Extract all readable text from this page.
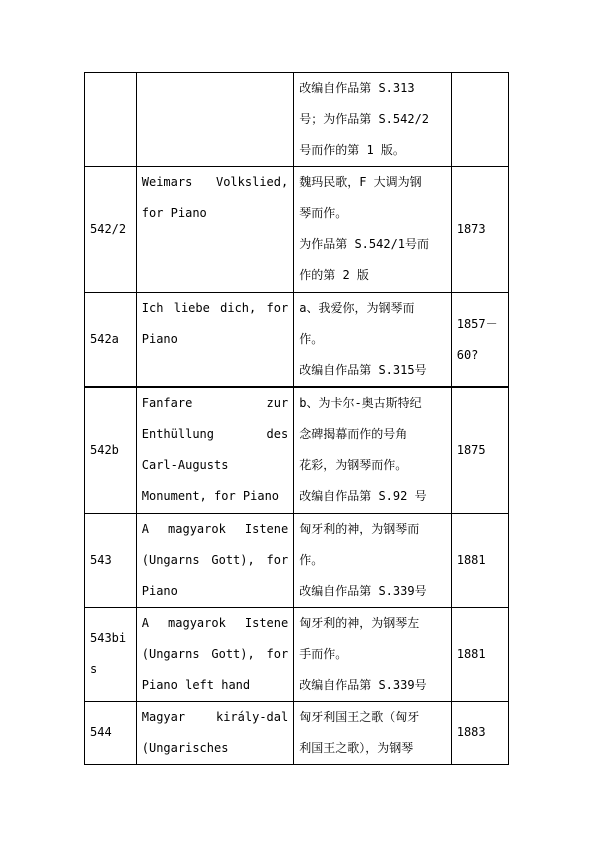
		改编自作品第 S.313
号；为作品第 S.542/2
号而作的第 1 版。	

542/2	Weimars Volkslied,
for Piano	魏玛民歌，F 大调为钢
琴而作。
为作品第 S.542/1号而
作的第 2 版	1873
542a	Ich liebe dich, for
Piano	a、我爱你，为钢琴而
作。
改编自作品第 S.315号	1857－60?
542b	Fanfare zur
Enthüllung des
Carl-Augusts
Monument, for Piano	b、为卡尔-奥古斯特纪
念碑揭幕而作的号角
花彩，为钢琴而作。
改编自作品第 S.92 号	1875
543	A magyarok Istene
(Ungarns Gott), for
Piano	匈牙利的神，为钢琴而
作。
改编自作品第 S.339号	1881
543bis	A magyarok Istene
(Ungarns Gott), for
Piano left hand	匈牙利的神，为钢琴左
手而作。
改编自作品第 S.339号	1881
544	Magyar király-dal
(Ungarisches	匈牙利国王之歌（匈牙
利国王之歌），为钢琴	1883
